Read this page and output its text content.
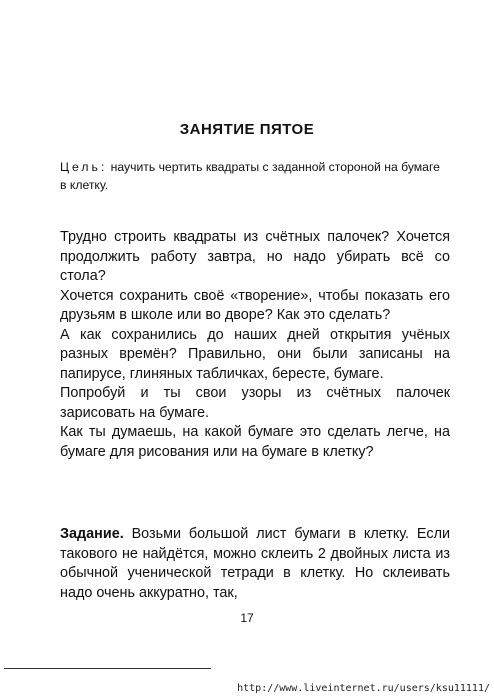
ЗАНЯТИЕ ПЯТОЕ

Цель: научить чертить квадраты с заданной стороной на бумаге в клетку.

Трудно строить квадраты из счётных палочек? Хочется продолжить работу завтра, но надо убирать всё со стола?

Хочется сохранить своё «творение», чтобы показать его друзьям в школе или во дворе? Как это сделать?

А как сохранились до наших дней открытия учёных разных времён? Правильно, они были записаны на папирусе, глиняных табличках, бересте, бумаге.

Попробуй и ты свои узоры из счётных палочек зарисовать на бумаге.

Как ты думаешь, на какой бумаге это сделать легче, на бумаге для рисования или на бумаге в клетку?

Задание. Возьми большой лист бумаги в клетку. Если такового не найдётся, можно склеить 2 двойных листа из обычной ученической тетради в клетку. Но склеивать надо очень аккуратно, так,

17

http://www.liveinternet.ru/users/ksu11111/
